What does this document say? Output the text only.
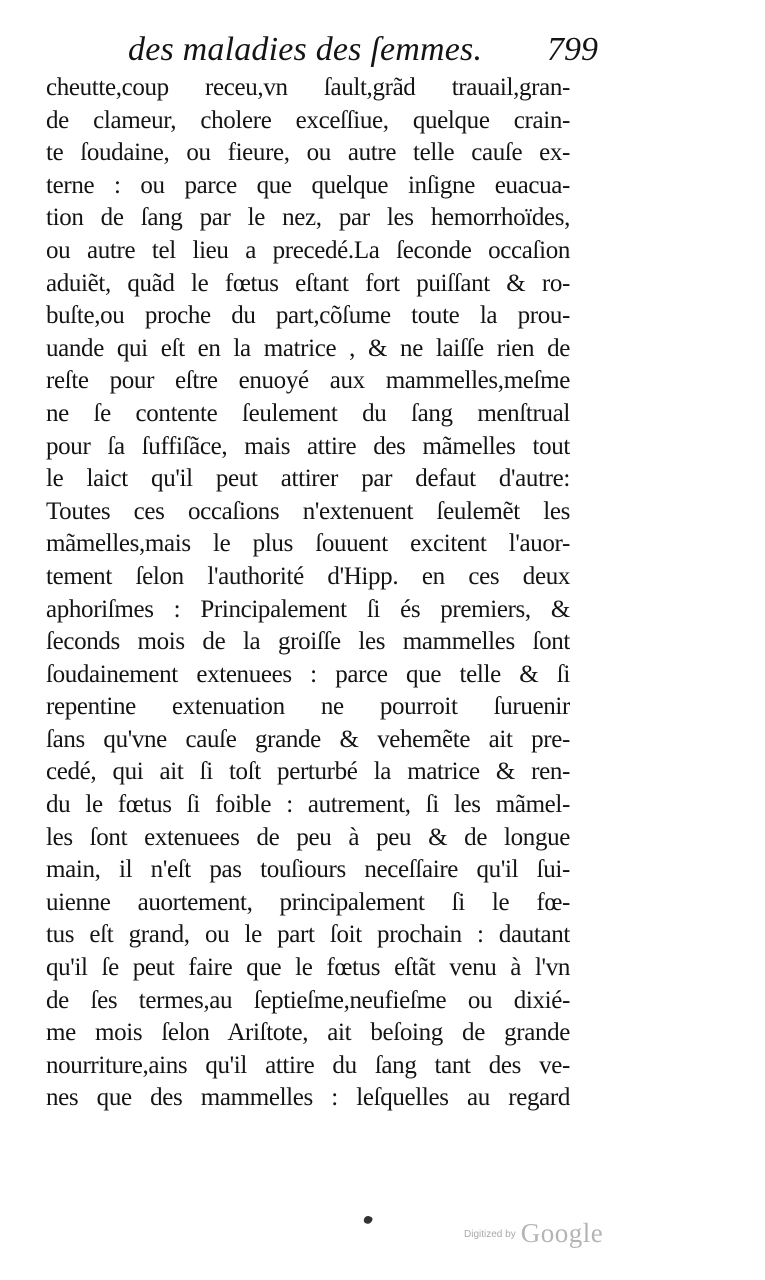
des maladies des ſemmes. 799
cheutte,coup receu,vn ſault,grãd trauail,gran-
de clameur, cholere exceſſiue, quelque crain-
te ſoudaine, ou fieure, ou autre telle cauſe ex-
terne : ou parce que quelque inſigne euacua-
tion de ſang par le nez, par les hemorrhoïdes,
ou autre tel lieu a precedé.La ſeconde occaſion
aduiẽt, quãd le fœtus eſtant fort puiſſant & ro-
buſte,ou proche du part,cõſume toute la prou-
uande qui eſt en la matrice , & ne laiſſe rien de
reſte pour eſtre enuoyé aux mammelles,meſme
ne ſe contente ſeulement du ſang menſtrual
pour ſa ſuffiſãce, mais attire des mãmelles tout
le laict qu'il peut attirer par defaut d'autre:
Toutes ces occaſions n'extenuent ſeulemẽt les
mãmelles,mais le plus ſouuent excitent l'auor-
tement ſelon l'authorité d'Hipp. en ces deux
aphoriſmes : Principalement ſi és premiers, &
ſeconds mois de la groiſſe les mammelles ſont
ſoudainement extenuees : parce que telle & ſi
repentine extenuation ne pourroit ſuruenir
ſans qu'vne cauſe grande & vehemẽte ait pre-
cedé, qui ait ſi toſt perturbé la matrice & ren-
du le fœtus ſi foible : autrement, ſi les mãmel-
les ſont extenuees de peu à peu & de longue
main, il n'eſt pas touſiours neceſſaire qu'il ſui-
uienne auortement, principalement ſi le fœ-
tus eſt grand, ou le part ſoit prochain : dautant
qu'il ſe peut faire que le fœtus eſtãt venu à l'vn
de ſes termes,au ſeptieſme,neufieſme ou dixié-
me mois ſelon Ariſtote, ait beſoing de grande
nourriture,ains qu'il attire du ſang tant des ve-
nes que des mammelles : leſquelles au regard
Digitized by Google
